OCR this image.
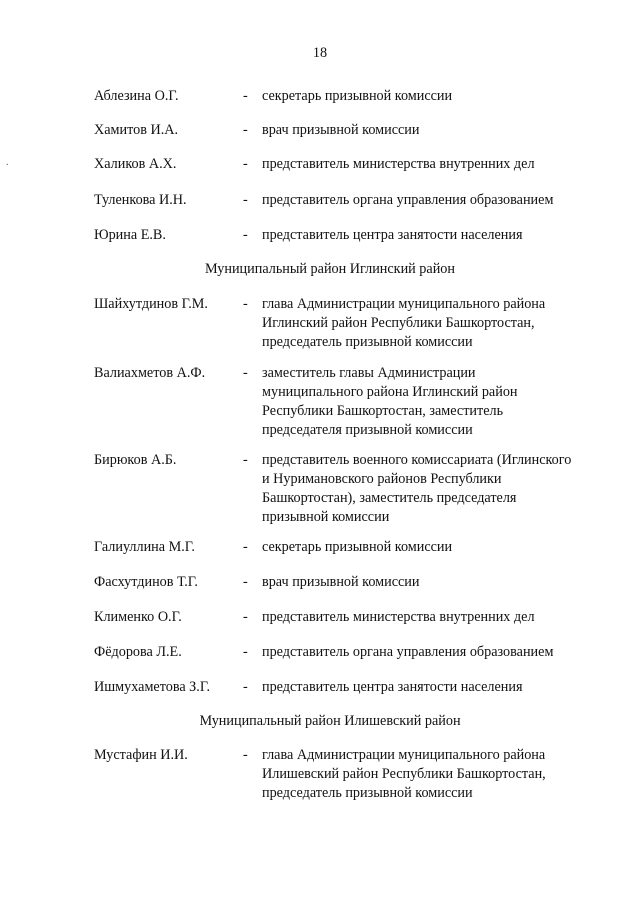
18
.
Аблезина О.Г.	- секретарь призывной комиссии
Хамитов И.А.	- врач призывной комиссии
Халиков А.Х.	- представитель министерства внутренних дел
Туленкова И.Н.	- представитель органа управления образованием
Юрина Е.В.	- представитель центра занятости населения
Муниципальный район Иглинский район
Шайхутдинов Г.М. - глава Администрации муниципального района
Иглинский район Республики Башкортостан,
председатель призывной комиссии
Валиахметов А.Ф.	- заместитель главы Администрации
муниципального района Иглинский район
Республики Башкортостан, заместитель
председателя призывной комиссии
Бирюков А.Б.	- представитель военного комиссариата (Иглинского
и Нуримановского районов Республики
Башкортостан), заместитель председателя
призывной комиссии
Галиуллина М.Г.	- секретарь призывной комиссии
Фасхутдинов Т.Г.	- врач призывной комиссии
Клименко О.Г.	- представитель министерства внутренних дел
Фёдорова Л.Е.	- представитель органа управления образованием
Ишмухаметова З.Г. - представитель центра занятости населения
Муниципальный район Илишевский район
Мустафин И.И.	- глава Администрации муниципального района
Илишевский район Республики Башкортостан,
председатель призывной комиссии
